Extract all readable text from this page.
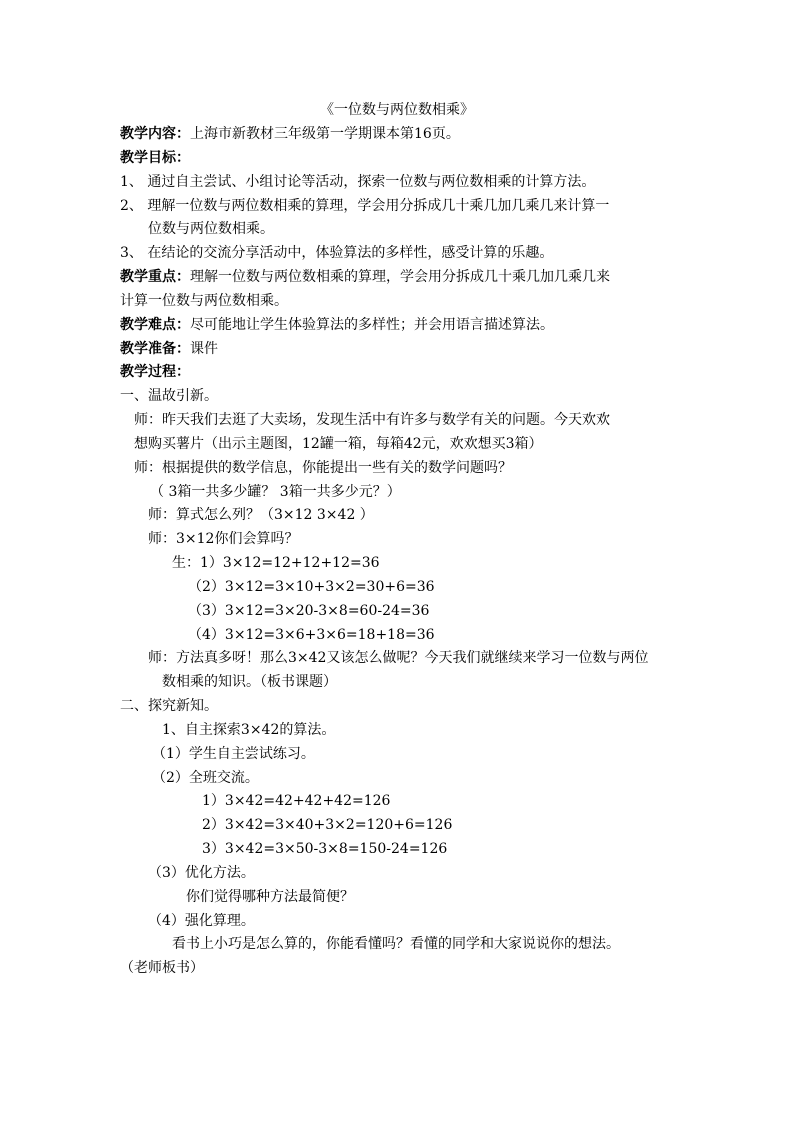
《一位数与两位数相乘》
教学内容：上海市新教材三年级第一学期课本第16页。
教学目标：
1、 通过自主尝试、小组讨论等活动，探索一位数与两位数相乘的计算方法。
2、 理解一位数与两位数相乘的算理，学会用分拆成几十乘几加几乘几来计算一
位数与两位数相乘。
3、 在结论的交流分享活动中，体验算法的多样性，感受计算的乐趣。
教学重点：理解一位数与两位数相乘的算理，学会用分拆成几十乘几加几乘几来
计算一位数与两位数相乘。
教学难点：尽可能地让学生体验算法的多样性；并会用语言描述算法。
教学准备：课件
教学过程：
一、温故引新。
师：昨天我们去逛了大卖场，发现生活中有许多与数学有关的问题。今天欢欢
想购买薯片（出示主题图，12罐一箱，每箱42元，欢欢想买3箱）
师：根据提供的数学信息，你能提出一些有关的数学问题吗？
（ 3箱一共多少罐？ 3箱一共多少元？）
师：算式怎么列？（3×12 3×42 ）
师：3×12你们会算吗？
生：1）3×12=12+12+12=36
（2）3×12=3×10+3×2=30+6=36
（3）3×12=3×20-3×8=60-24=36
（4）3×12=3×6+3×6=18+18=36
师：方法真多呀！那么3×42又该怎么做呢？今天我们就继续来学习一位数与两位
数相乘的知识。（板书课题）
二、探究新知。
1、自主探索3×42的算法。
（1）学生自主尝试练习。
（2）全班交流。
1）3×42=42+42+42=126
2）3×42=3×40+3×2=120+6=126
3）3×42=3×50-3×8=150-24=126
（3）优化方法。
你们觉得哪种方法最简便？
（4）强化算理。
看书上小巧是怎么算的，你能看懂吗？看懂的同学和大家说说你的想法。
（老师板书）
